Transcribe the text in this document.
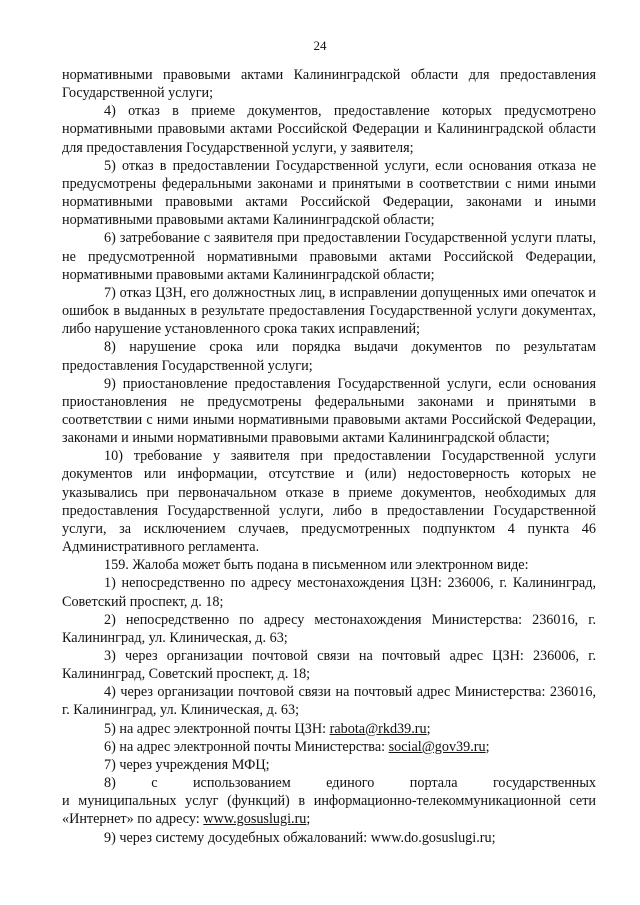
24

нормативными правовыми актами Калининградской области для предоставления Государственной услуги;

4) отказ в приеме документов, предоставление которых предусмотрено нормативными правовыми актами Российской Федерации и Калининградской области для предоставления Государственной услуги, у заявителя;

5) отказ в предоставлении Государственной услуги, если основания отказа не предусмотрены федеральными законами и принятыми в соответствии с ними иными нормативными правовыми актами Российской Федерации, законами и иными нормативными правовыми актами Калининградской области;

6) затребование с заявителя при предоставлении Государственной услуги платы, не предусмотренной нормативными правовыми актами Российской Федерации, нормативными правовыми актами Калининградской области;

7) отказ ЦЗН, его должностных лиц, в исправлении допущенных ими опечаток и ошибок в выданных в результате предоставления Государственной услуги документах, либо нарушение установленного срока таких исправлений;

8) нарушение срока или порядка выдачи документов по результатам предоставления Государственной услуги;

9) приостановление предоставления Государственной услуги, если основания приостановления не предусмотрены федеральными законами и принятыми в соответствии с ними иными нормативными правовыми актами Российской Федерации, законами и иными нормативными правовыми актами Калининградской области;

10) требование у заявителя при предоставлении Государственной услуги документов или информации, отсутствие и (или) недостоверность которых не указывались при первоначальном отказе в приеме документов, необходимых для предоставления Государственной услуги, либо в предоставлении Государственной услуги, за исключением случаев, предусмотренных подпунктом 4 пункта 46 Административного регламента.

159. Жалоба может быть подана в письменном или электронном виде:

1) непосредственно по адресу местонахождения ЦЗН: 236006, г. Калининград, Советский проспект, д. 18;

2) непосредственно по адресу местонахождения Министерства: 236016, г. Калининград, ул. Клиническая, д. 63;

3) через организации почтовой связи на почтовый адрес ЦЗН: 236006, г. Калининград, Советский проспект, д. 18;

4) через организации почтовой связи на почтовый адрес Министерства: 236016, г. Калининград, ул. Клиническая, д. 63;

5) на адрес электронной почты ЦЗН: rabota@rkd39.ru;

6) на адрес электронной почты Министерства: social@gov39.ru;

7) через учреждения МФЦ;

8) с использованием единого портала государственных

и муниципальных услуг (функций) в информационно-телекоммуникационной сети «Интернет» по адресу: www.gosuslugi.ru;

9) через систему досудебных обжалований: www.do.gosuslugi.ru;
